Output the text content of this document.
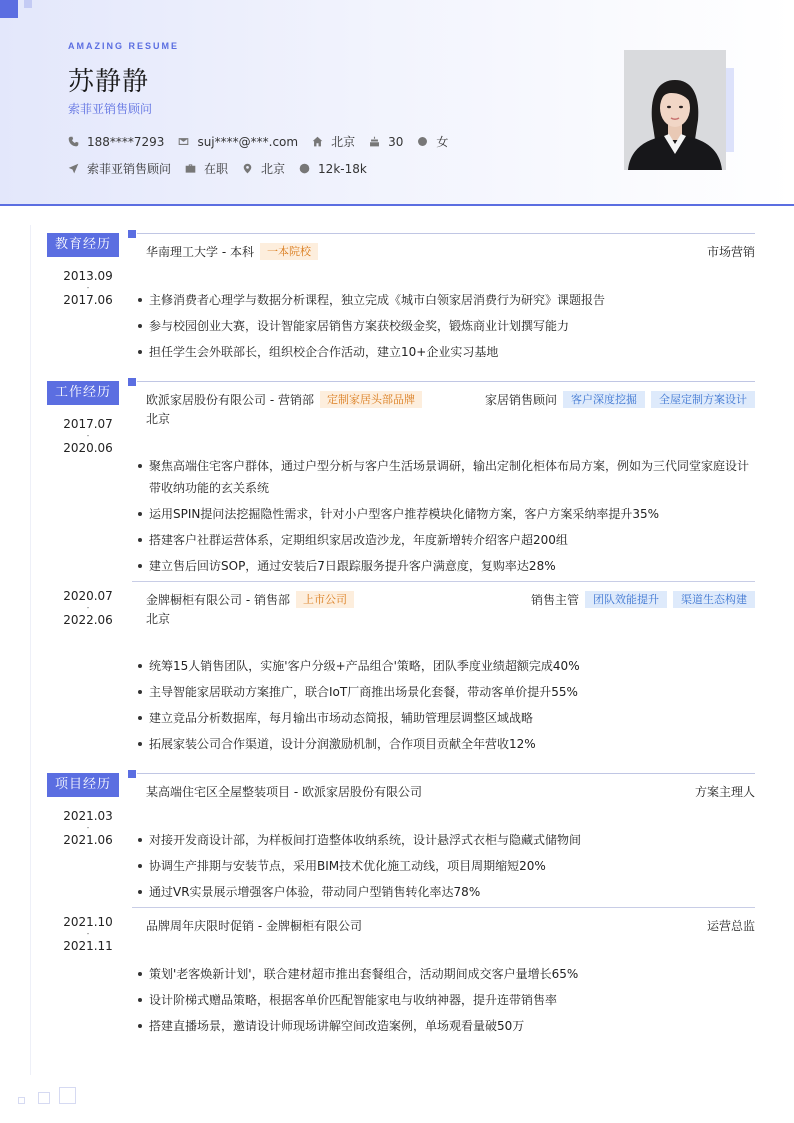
AMAZING RESUME
苏静静
索菲亚销售顾问
188****7293	suj****@***.com	北京	30	女
索菲亚销售顾问	在职	北京	12k-18k
教育经历
2013.09
-
2017.06
华南理工大学 - 本科	一本院校	市场营销
主修消费者心理学与数据分析课程，独立完成《城市白领家居消费行为研究》课题报告
参与校园创业大赛，设计智能家居销售方案获校级金奖，锻炼商业计划撰写能力
担任学生会外联部长，组织校企合作活动，建立10+企业实习基地
工作经历
2017.07
-
2020.06
欧派家居股份有限公司 - 营销部	定制家居头部品牌	家居销售顾问	客户深度挖掘	全屋定制方案设计
北京
聚焦高端住宅客户群体，通过户型分析与客户生活场景调研，输出定制化柜体布局方案，例如为三代同堂家庭设计带收纳功能的玄关系统
运用SPIN提问法挖掘隐性需求，针对小户型客户推荐模块化储物方案，客户方案采纳率提升35%
搭建客户社群运营体系，定期组织家居改造沙龙，年度新增转介绍客户超200组
建立售后回访SOP，通过安装后7日跟踪服务提升客户满意度，复购率达28%
2020.07
-
2022.06
金牌橱柜有限公司 - 销售部	上市公司	销售主管	团队效能提升	渠道生态构建
北京
统筹15人销售团队，实施'客户分级+产品组合'策略，团队季度业绩超额完成40%
主导智能家居联动方案推广，联合IoT厂商推出场景化套餐，带动客单价提升55%
建立竞品分析数据库，每月输出市场动态简报，辅助管理层调整区域战略
拓展家装公司合作渠道，设计分润激励机制，合作项目贡献全年营收12%
项目经历
2021.03
-
2021.06
某高端住宅区全屋整装项目 - 欧派家居股份有限公司	方案主理人
对接开发商设计部，为样板间打造整体收纳系统，设计悬浮式衣柜与隐藏式储物间
协调生产排期与安装节点，采用BIM技术优化施工动线，项目周期缩短20%
通过VR实景展示增强客户体验，带动同户型销售转化率达78%
2021.10
-
2021.11
品牌周年庆限时促销 - 金牌橱柜有限公司	运营总监
策划'老客焕新计划'，联合建材超市推出套餐组合，活动期间成交客户量增长65%
设计阶梯式赠品策略，根据客单价匹配智能家电与收纳神器，提升连带销售率
搭建直播场景，邀请设计师现场讲解空间改造案例，单场观看量破50万
